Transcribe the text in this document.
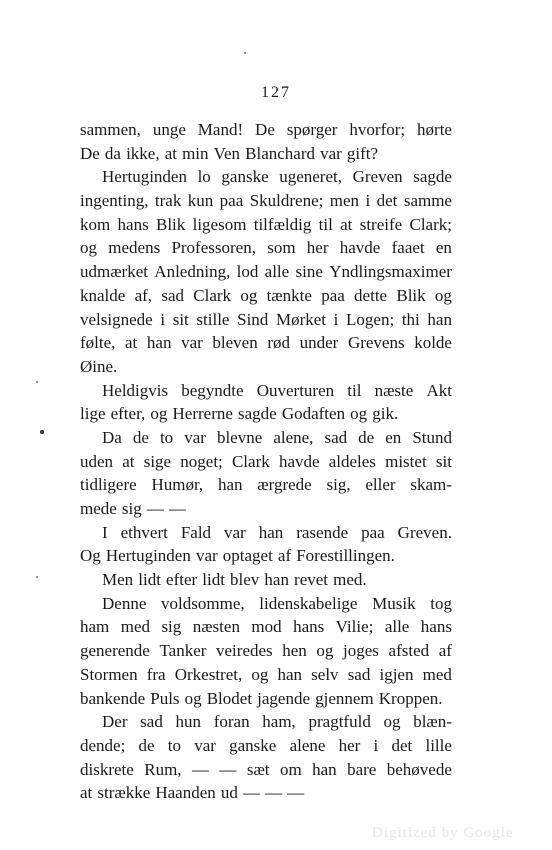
127
sammen, unge Mand! De spørger hvorfor; hørte
De da ikke, at min Ven Blanchard var gift?
Hertuginden lo ganske ugeneret, Greven sagde
ingenting, trak kun paa Skuldrene; men i det samme
kom hans Blik ligesom tilfældig til at streife Clark;
og medens Professoren, som her havde faaet en
udmærket Anledning, lod alle sine Yndlingsmaximer
knalde af, sad Clark og tænkte paa dette Blik og
velsignede i sit stille Sind Mørket i Logen; thi han
følte, at han var bleven rød under Grevens kolde
Øine.
Heldigvis begyndte Ouverturen til næste Akt
lige efter, og Herrerne sagde Godaften og gik.
Da de to var blevne alene, sad de en Stund
uden at sige noget; Clark havde aldeles mistet sit
tidligere Humør, han ærgrede sig, eller skam-
mede sig — —
I ethvert Fald var han rasende paa Greven.
Og Hertuginden var optaget af Forestillingen.
Men lidt efter lidt blev han revet med.
Denne voldsomme, lidenskabelige Musik tog
ham med sig næsten mod hans Vilie; alle hans
generende Tanker veiredes hen og joges afsted af
Stormen fra Orkestret, og han selv sad igjen med
bankende Puls og Blodet jagende gjennem Kroppen.
Der sad hun foran ham, pragtfuld og blæn-
dende; de to var ganske alene her i det lille
diskrete Rum, — — sæt om han bare behøvede
at strække Haanden ud — — —
Digitized by Google
